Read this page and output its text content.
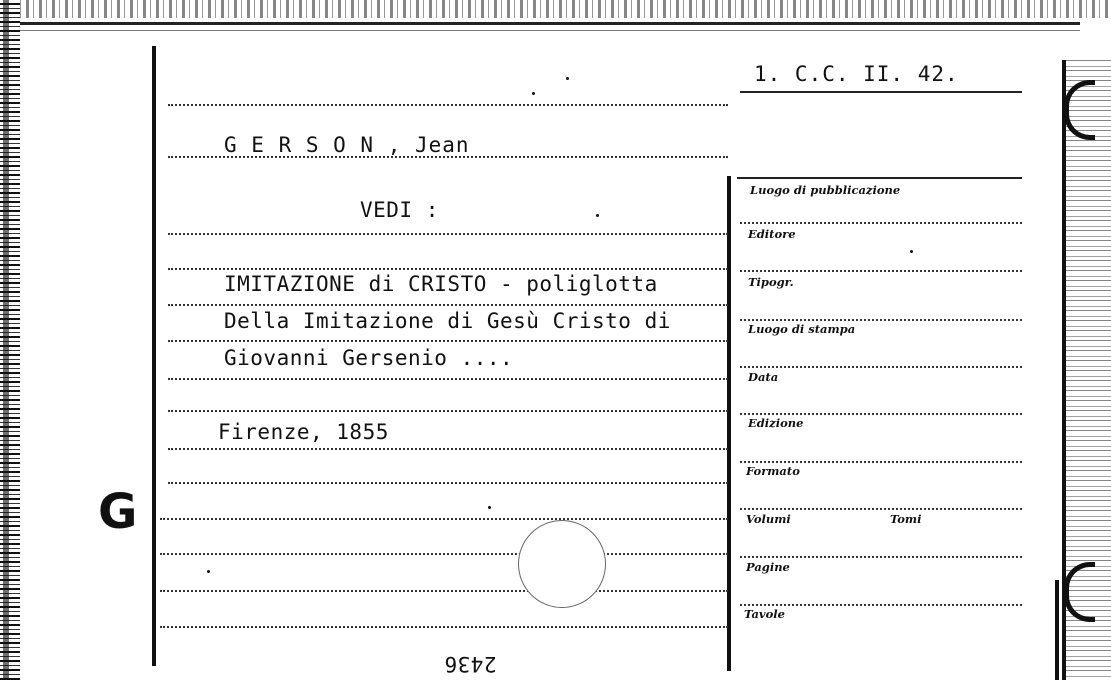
1. C.C. II. 42.
G E R S O N , Jean
VEDI :
IMITAZIONE di CRISTO - poliglotta
Della Imitazione di Gesù Cristo di
Giovanni Gersenio ....
Firenze, 1855
G
2436
Luogo di pubblicazione
Editore
Tipogr.
Luogo di stampa
Data
Edizione
Formato
Volumi	Tomi
Pagine
Tavole
